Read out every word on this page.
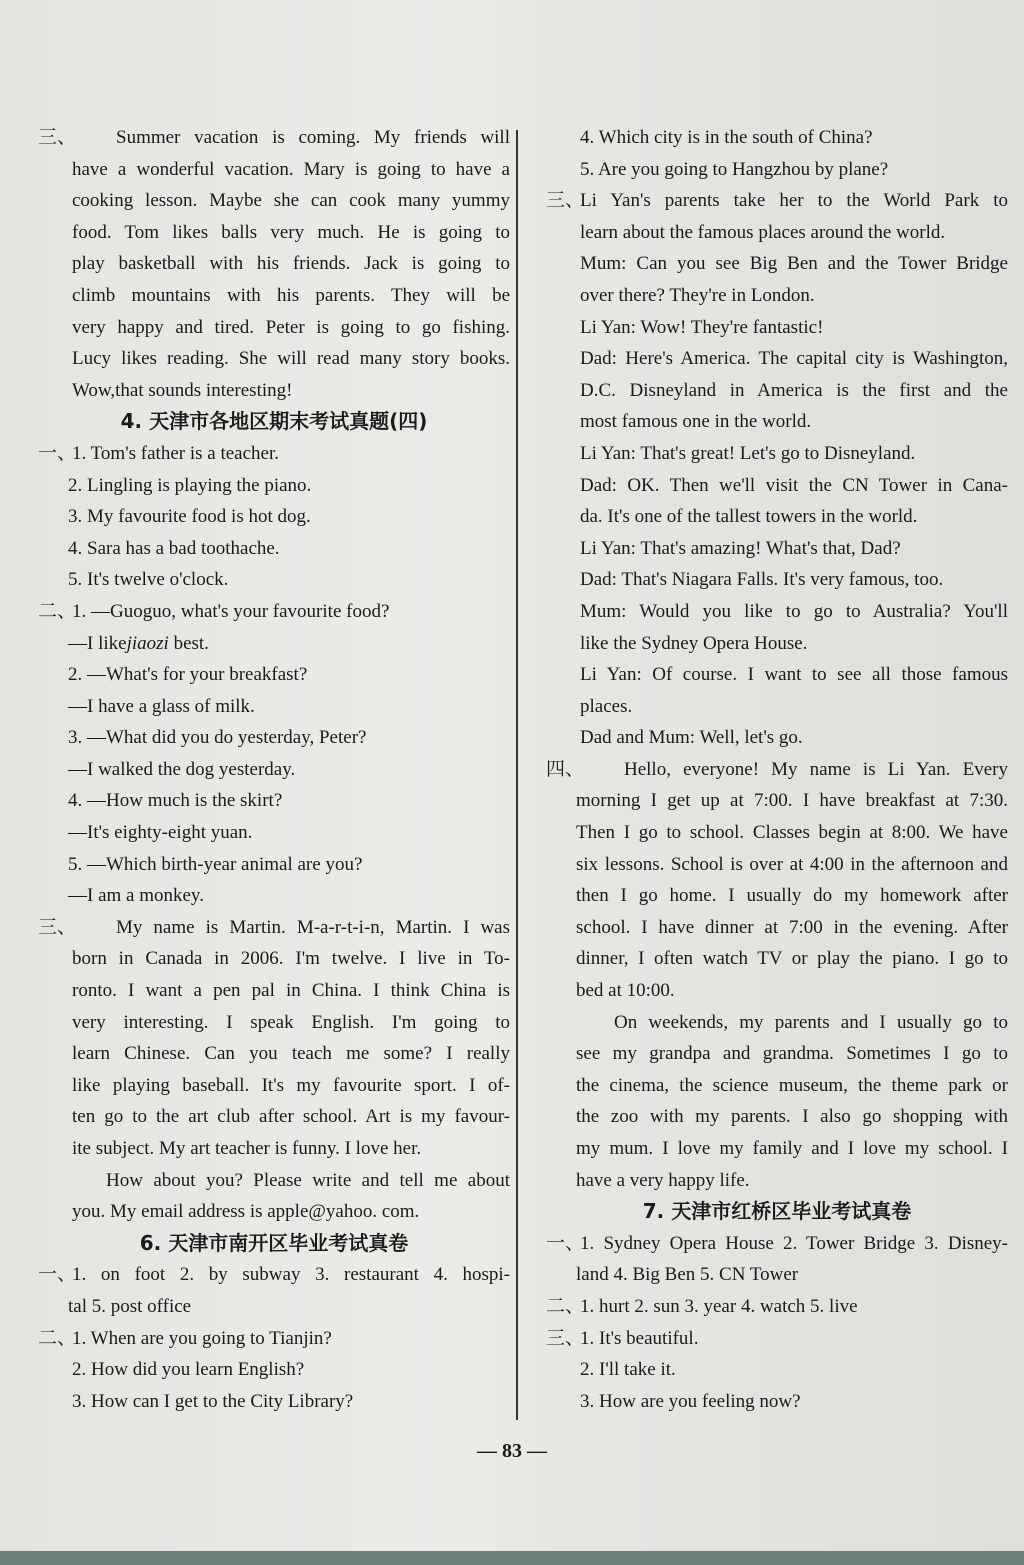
三、	Summer vacation is coming. My friends will
have a wonderful vacation. Mary is going to have a
cooking lesson. Maybe she can cook many yummy
food. Tom likes balls very much. He is going to
play basketball with his friends. Jack is going to
climb mountains with his parents. They will be
very happy and tired. Peter is going to go fishing.
Lucy likes reading. She will read many story books.
Wow,that sounds interesting!
4. 天津市各地区期末考试真题(四)
一、
1. Tom's father is a teacher.
2. Lingling is playing the piano.
3. My favourite food is hot dog.
4. Sara has a bad toothache.
5. It's twelve o'clock.
二、
1. —Guoguo, what's your favourite food?
—I likejiaozi best.
2. —What's for your breakfast?
—I have a glass of milk.
3. —What did you do yesterday, Peter?
—I walked the dog yesterday.
4. —How much is the skirt?
—It's eighty-eight yuan.
5. —Which birth-year animal are you?
—I am a monkey.
三、	My name is Martin. M-a-r-t-i-n, Martin. I was
born in Canada in 2006. I'm twelve. I live in To-
ronto. I want a pen pal in China. I think China is
very interesting. I speak English. I'm going to
learn Chinese. Can you teach me some? I really
like playing baseball. It's my favourite sport. I of-
ten go to the art club after school. Art is my favour-
ite subject. My art teacher is funny. I love her.
How about you? Please write and tell me about
you. My email address is apple@yahoo. com.
6. 天津市南开区毕业考试真卷
一、
1. on foot 2. by subway 3. restaurant 4. hospi-
tal 5. post office
二、
1. When are you going to Tianjin?
2. How did you learn English?
3. How can I get to the City Library?
4. Which city is in the south of China?
5. Are you going to Hangzhou by plane?
三、
Li Yan's parents take her to the World Park to
learn about the famous places around the world.
Mum: Can you see Big Ben and the Tower Bridge
over there? They're in London.
Li Yan: Wow! They're fantastic!
Dad: Here's America. The capital city is Washington,
D.C. Disneyland in America is the first and the
most famous one in the world.
Li Yan: That's great! Let's go to Disneyland.
Dad: OK. Then we'll visit the CN Tower in Cana-
da. It's one of the tallest towers in the world.
Li Yan: That's amazing! What's that, Dad?
Dad: That's Niagara Falls. It's very famous, too.
Mum: Would you like to go to Australia? You'll
like the Sydney Opera House.
Li Yan: Of course. I want to see all those famous
places.
Dad and Mum: Well, let's go.
四、	Hello, everyone! My name is Li Yan. Every
morning I get up at 7:00. I have breakfast at 7:30.
Then I go to school. Classes begin at 8:00. We have
six lessons. School is over at 4:00 in the afternoon and
then I go home. I usually do my homework after
school. I have dinner at 7:00 in the evening. After
dinner, I often watch TV or play the piano. I go to
bed at 10:00.
On weekends, my parents and I usually go to
see my grandpa and grandma. Sometimes I go to
the cinema, the science museum, the theme park or
the zoo with my parents. I also go shopping with
my mum. I love my family and I love my school. I
have a very happy life.
7. 天津市红桥区毕业考试真卷
一、
1. Sydney Opera House 2. Tower Bridge 3. Disney-
land 4. Big Ben 5. CN Tower
二、
1. hurt 2. sun 3. year 4. watch 5. live
三、
1. It's beautiful.
2. I'll take it.
3. How are you feeling now?
— 83 —
